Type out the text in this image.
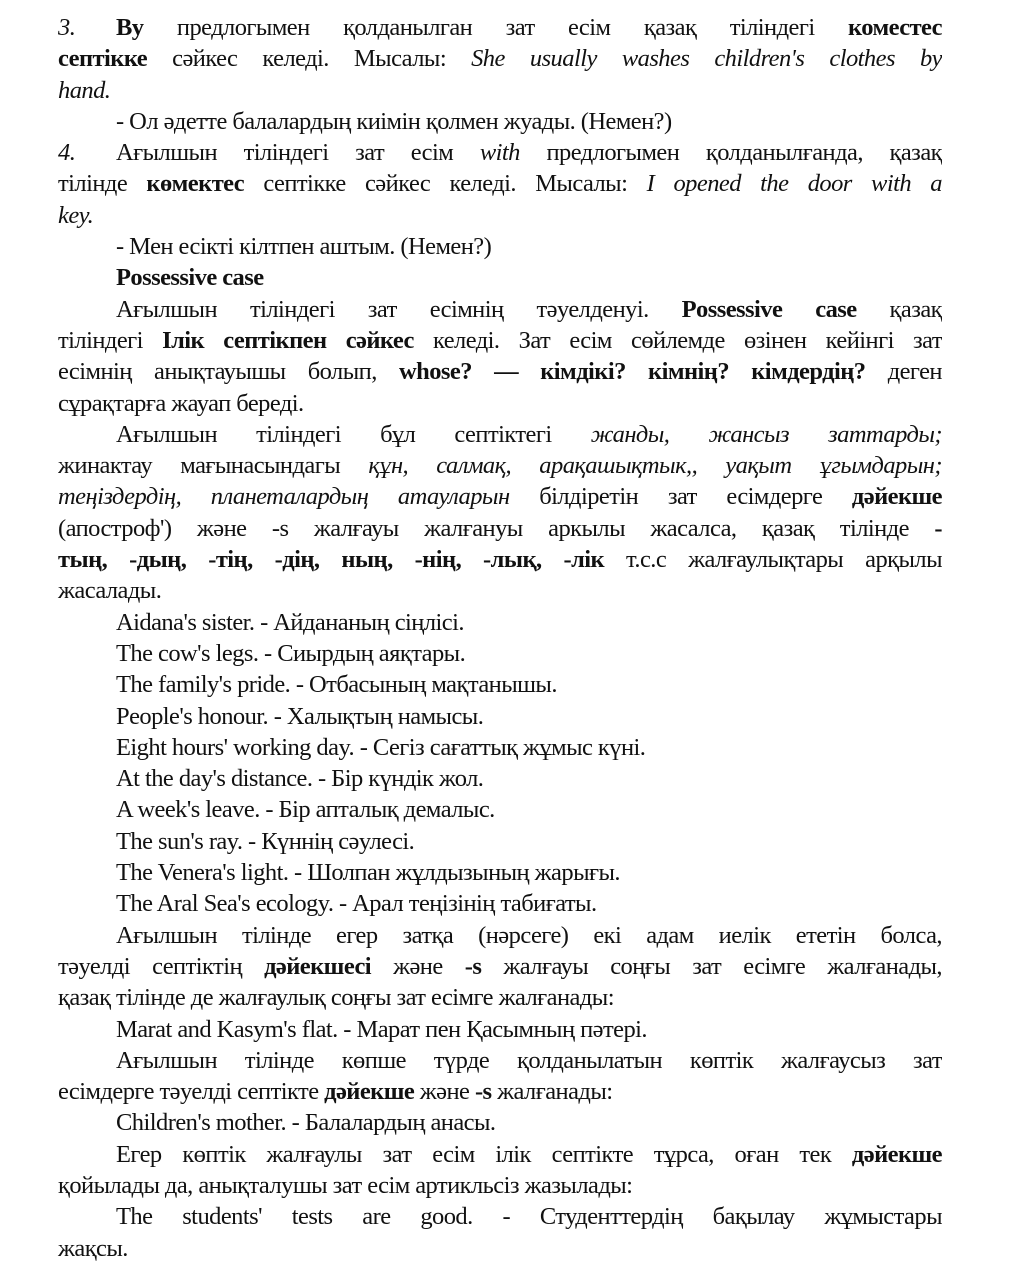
3. By предлогымен қолданылган зат есім қазақ тіліндегі коместес
септікке сәйкес келеді. Мысалы: She usually washes children's clothes by
hand.
- Ол әдетте балалардың киімін қолмен жуады. (Немен?)
4. Ағылшын тіліндегі зат есім with предлогымен қолданылғанда, қазақ
тілінде көмектес септікке сәйкес келеді. Мысалы: I opened the door with a
key.
- Мен есікті кілтпен аштым. (Немен?)
Possessive case
Ағылшын тіліндегі зат есімнің тәуелденуі. Possessive case қазақ
тіліндегі Ілік септікпен сәйкес келеді. Зат есім сөйлемде өзінен кейінгі зат
есімнің анықтауышы болып, whose? — кімдікі? кімнің? кімдердің? деген
сұрақтарға жауап береді.
Ағылшын тіліндегі бұл септіктегі жанды, жансыз заттарды;
жинактау мағынасындагы құн, салмақ, арақашықтык,, уақыт ұгымдарын;
теңіздердің, планеталардың атауларын білдіретін зат есімдерге дәйекше
(апостроф') және -s жалғауы жалғануы аркылы жасалса, қазақ тілінде -
тың, -дың, -тің, -дің, ның, -нің, -лық, -лік т.с.с жалғаулықтары арқылы
жасалады.
Aidana's sister. - Айдананың сіңлісі.
The cow's legs. - Сиырдың аяқтары.
The family's pride. - Отбасының мақтанышы.
People's honour. - Халықтың намысы.
Eight hours' working day. - Сегіз сағаттық жұмыс күні.
At the day's distance. - Бір күндік жол.
A week's leave. - Бір апталық демалыс.
The sun's ray. - Күннің сәулесі.
The Venera's light. - Шолпан жұлдызының жарығы.
The Aral Sea's ecology. - Арал теңізінің табиғаты.
Ағылшын тілінде егер затқа (нәрсеге) екі адам иелік ететін болса,
тәуелді септіктің дәйекшесі және -s жалғауы соңғы зат есімге жалғанады,
қазақ тілінде де жалғаулық соңғы зат есімге жалғанады:
Marat and Kasym's flat. - Марат пен Қасымның пәтері.
Ағылшын тілінде көпше түрде қолданылатын көптік жалғаусыз зат
есімдерге тәуелді септікте дәйекше және -s жалғанады:
Children's mother. - Балалардың анасы.
Егер көптік жалғаулы зат есім ілік септікте тұрса, оған тек дәйекше
қойылады да, анықталушы зат есім артикльсіз жазылады:
The students' tests are good. - Студенттердің бақылау жұмыстары
жақсы.
